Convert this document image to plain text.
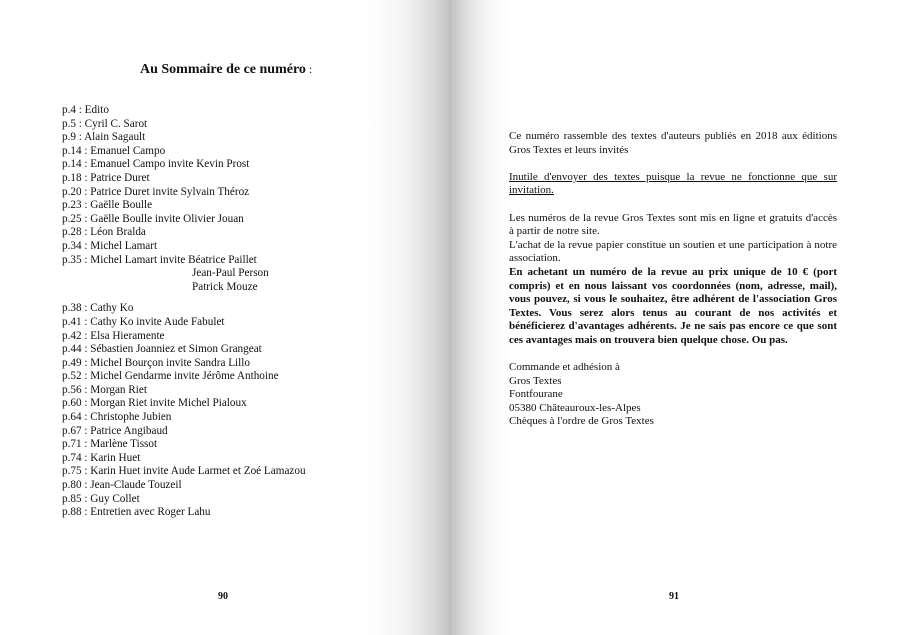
Au Sommaire de ce numéro :
p.4 : Edito
p.5 : Cyril C. Sarot
p.9 : Alain Sagault
p.14 : Emanuel Campo
p.14 : Emanuel Campo invite Kevin Prost
p.18 : Patrice Duret
p.20 : Patrice Duret invite Sylvain Théroz
p.23 : Gaëlle Boulle
p.25 : Gaëlle Boulle invite Olivier Jouan
p.28 : Léon Bralda
p.34 : Michel Lamart
p.35 : Michel Lamart invite Béatrice Paillet
Jean-Paul Person
Patrick Mouze
p.38 : Cathy Ko
p.41 : Cathy Ko invite Aude Fabulet
p.42 : Elsa Hieramente
p.44 : Sébastien Joanniez et Simon Grangeat
p.49 : Michel Bourçon invite Sandra Lillo
p.52 : Michel Gendarme invite Jérôme Anthoine
p.56 : Morgan Riet
p.60 : Morgan Riet invite Michel Pialoux
p.64 : Christophe Jubien
p.67 : Patrice Angibaud
p.71 : Marlène Tissot
p.74 : Karin Huet
p.75 : Karin Huet invite Aude Larmet et Zoé Lamazou
p.80 : Jean-Claude Touzeil
p.85 : Guy Collet
p.88 : Entretien avec Roger Lahu
90

Ce numéro rassemble des textes d'auteurs publiés en 2018 aux éditions Gros Textes et leurs invités

Inutile d'envoyer des textes puisque la revue ne fonctionne que sur invitation.

Les numéros de la revue Gros Textes sont mis en ligne et gratuits d'accès à partir de notre site.

L'achat de la revue papier constitue un soutien et une participation à notre association.

En achetant un numéro de la revue au prix unique de 10 € (port compris) et en nous laissant vos coordonnées (nom, adresse, mail), vous pouvez, si vous le souhaitez, être adhérent de l'association Gros Textes. Vous serez alors tenus au courant de nos activités et bénéficierez d'avantages adhérents. Je ne sais pas encore ce que sont ces avantages mais on trouvera bien quelque chose. Ou pas.

Commande et adhésion à
Gros Textes
Fontfourane
05380 Châteauroux-les-Alpes
Chèques à l'ordre de Gros Textes
91
